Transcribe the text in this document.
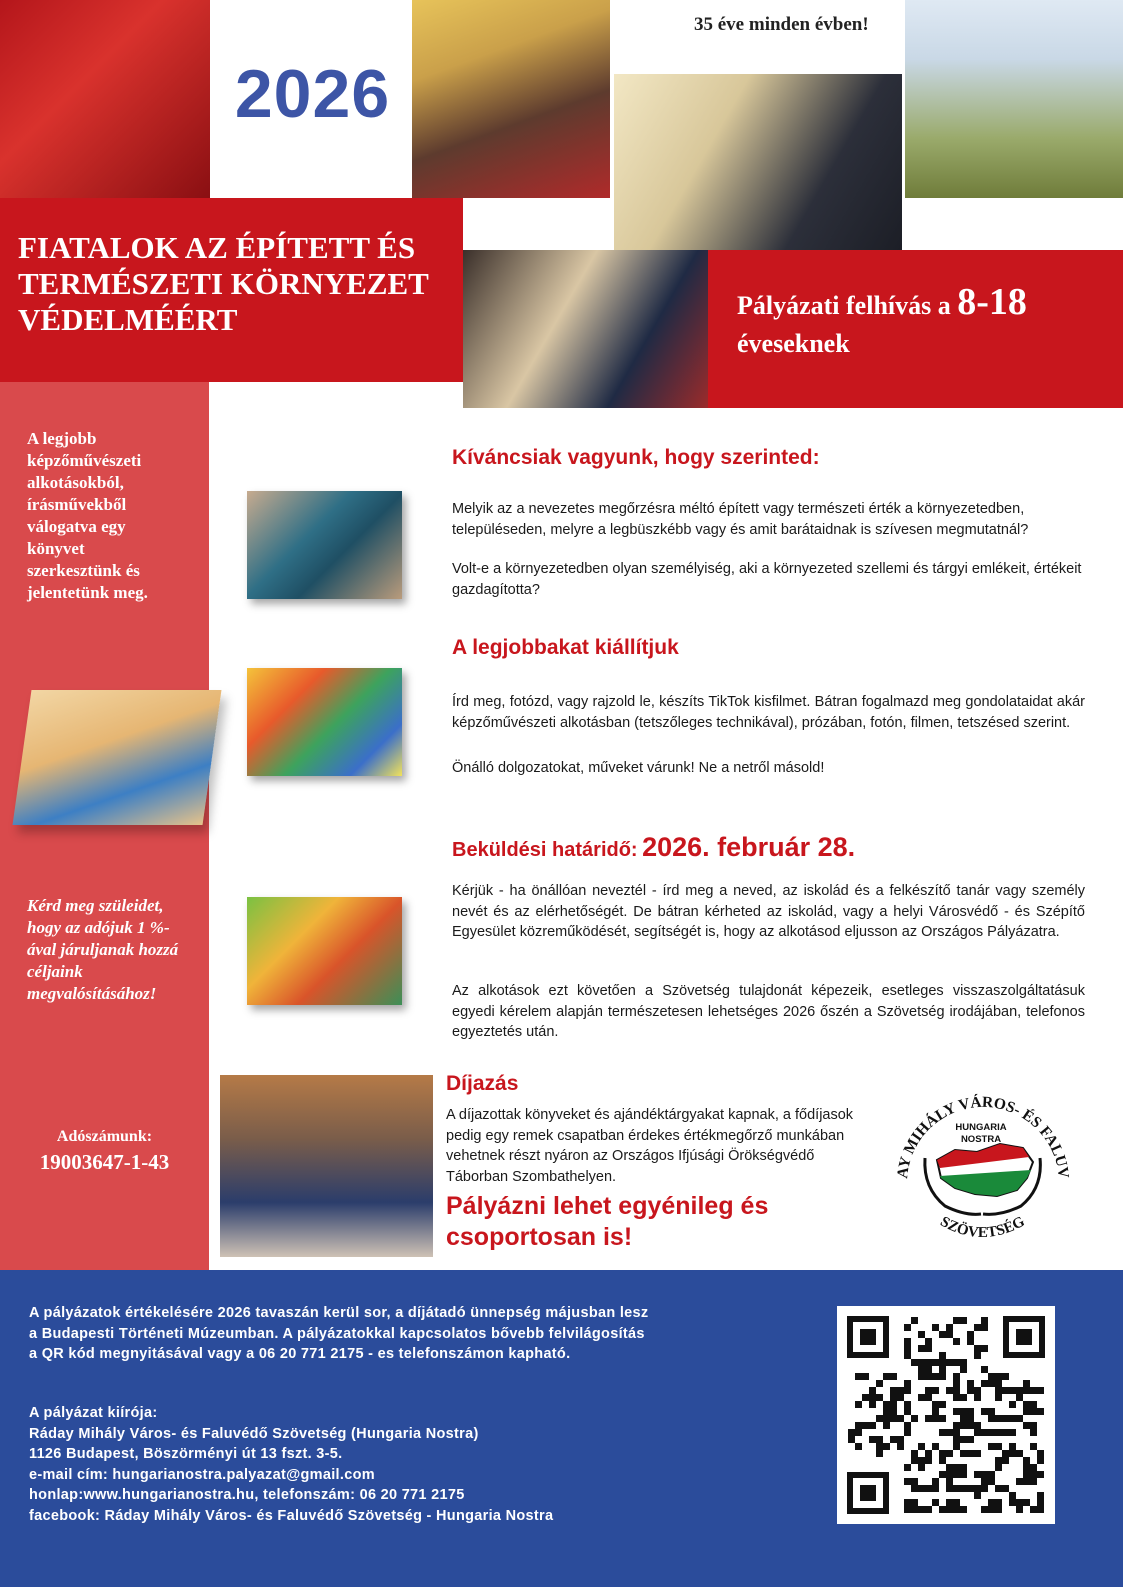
2026
35 éve minden évben!
FIATALOK AZ ÉPÍTETT ÉS
TERMÉSZETI KÖRNYEZET
VÉDELMÉÉRT	Pályázati felhívás a 8-18
éveseknek
A legjobb képzőművészeti alkotásokból, írásművekből válogatva egy könyvet szerkesztünk és jelentetünk meg.
Kérd meg szüleidet, hogy az adójuk 1 %-ával járuljanak hozzá céljaink megvalósításához!
Adószámunk:
19003647-1-43
Kíváncsiak vagyunk, hogy szerinted:
Melyik az a nevezetes megőrzésra méltó épített vagy természeti érték a környezetedben, településeden, melyre a legbüszkébb vagy és amit barátaidnak is szívesen megmutatnál?
Volt-e a környezetedben olyan személyiség, aki a környezeted szellemi és tárgyi emlékeit, értékeit gazdagította?
A legjobbakat kiállítjuk
Írd meg, fotózd, vagy rajzold le, készíts TikTok kisfilmet. Bátran fogalmazd meg gondolataidat akár képzőművészeti alkotásban (tetszőleges technikával), prózában, fotón, filmen, tetszésed szerint.
Önálló dolgozatokat, műveket várunk! Ne a netről másold!
Beküldési határidő: 2026. február 28.
Kérjük - ha önállóan neveztél - írd meg a neved, az iskolád és a felkészítő tanár vagy személy nevét és az elérhetőségét. De bátran kérheted az iskolád, vagy a helyi Városvédő - és Szépítő Egyesület közreműködését, segítségét is, hogy az alkotásod eljusson az Országos Pályázatra.
Az alkotások ezt követően a Szövetség tulajdonát képezeik, esetleges visszaszolgáltatásuk egyedi kérelem alapján természetesen lehetséges 2026 őszén a Szövetség irodájában, telefonos egyeztetés után.
Díjazás
A díjazottak könyveket és ajándéktárgyakat kapnak, a fődíjasok pedig egy remek csapatban érdekes értékmegőrző munkában vehetnek részt nyáron az Országos Ifjúsági Örökségvédő Táborban Szombathelyen.
Pályázni lehet egyénileg és csoportosan is!
AY MIHÁLY VÁROS- ÉS FALUV
HUNGARIA
NOSTRA
SZÖVETSÉG
A pályázatok értékelésére 2026 tavaszán kerül sor, a díjátadó ünnepség májusban lesz
a Budapesti Történeti Múzeumban. A pályázatokkal kapcsolatos bővebb felvilágosítás
a QR kód megnyitásával vagy a 06 20 771 2175 - es telefonszámon kapható.
A pályázat kiírója:
Ráday Mihály Város- és Faluvédő Szövetség (Hungaria Nostra)
1126 Budapest, Böszörményi út 13 fszt. 3-5.
e-mail cím: hungarianostra.palyazat@gmail.com
honlap:www.hungarianostra.hu, telefonszám: 06 20 771 2175
facebook: Ráday Mihály Város- és Faluvédő Szövetség - Hungaria Nostra
